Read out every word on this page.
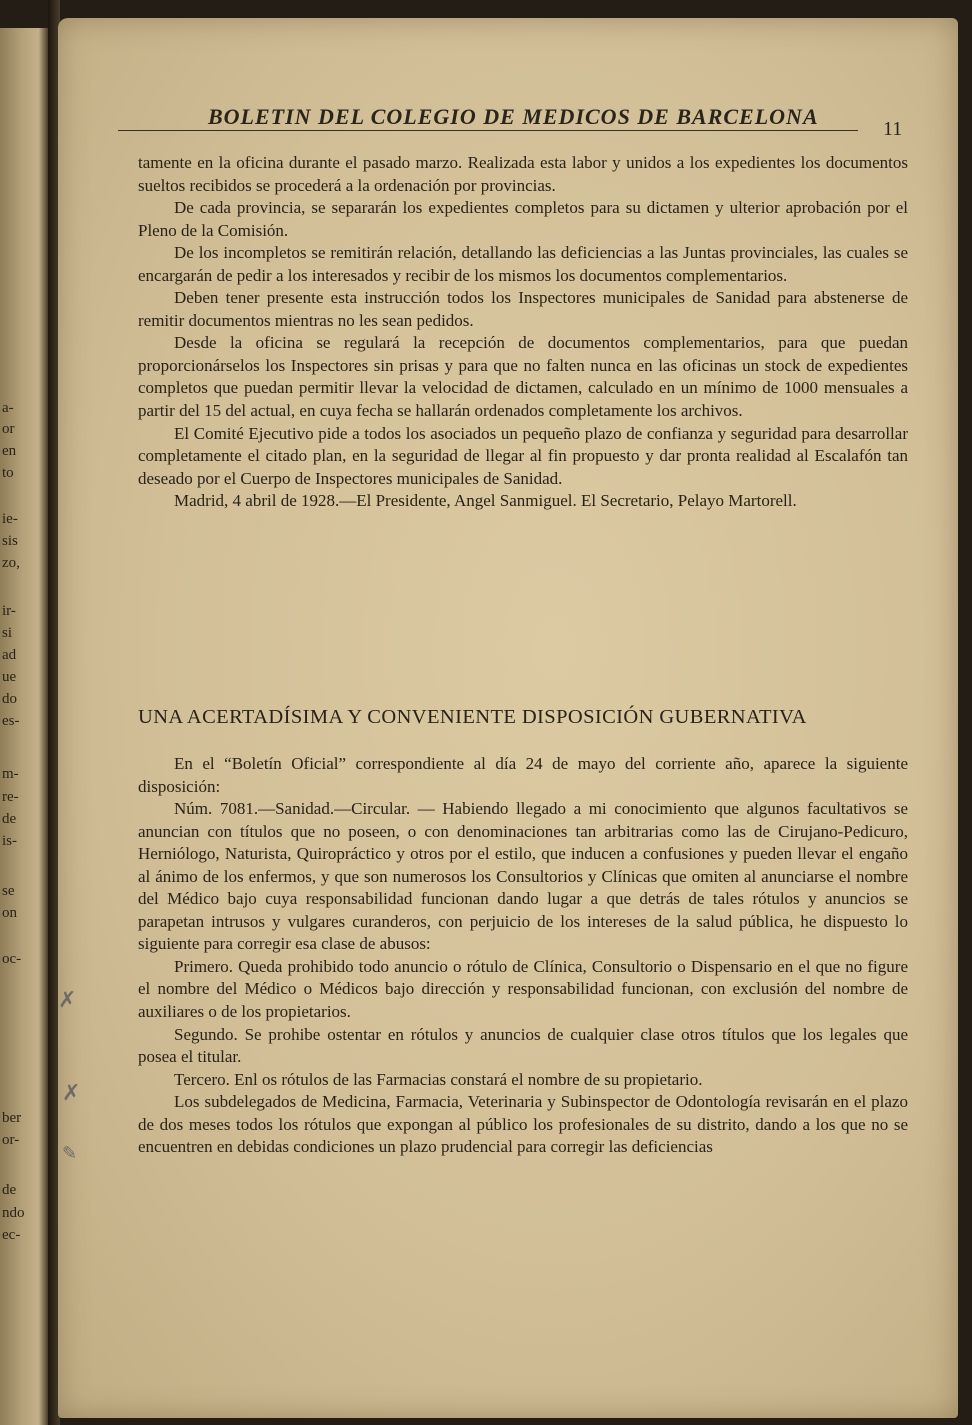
a-
or
en
to
ie-
sis
zo,
ir-
si
ad
ue
do
es-
m-
re-
de
is-
se
on
oc-
ber
or-
de
ndo
ec-
BOLETIN DEL COLEGIO DE MEDICOS DE BARCELONA	11

tamente en la oficina durante el pasado marzo. Realizada esta labor y unidos a los expedientes los documentos sueltos recibidos se procederá a la ordenación por provincias.

De cada provincia, se separarán los expedientes completos para su dictamen y ulterior aprobación por el Pleno de la Comisión.

De los incompletos se remitirán relación, detallando las deficiencias a las Juntas provinciales, las cuales se encargarán de pedir a los interesados y recibir de los mismos los documentos complementarios.

Deben tener presente esta instrucción todos los Inspectores municipales de Sanidad para abstenerse de remitir documentos mientras no les sean pedidos.

Desde la oficina se regulará la recepción de documentos complementarios, para que puedan proporcionárselos los Inspectores sin prisas y para que no falten nunca en las oficinas un stock de expedientes completos que puedan permitir llevar la velocidad de dictamen, calculado en un mínimo de 1000 mensuales a partir del 15 del actual, en cuya fecha se hallarán ordenados completamente los archivos.

El Comité Ejecutivo pide a todos los asociados un pequeño plazo de confianza y seguridad para desarrollar completamente el citado plan, en la seguridad de llegar al fin propuesto y dar pronta realidad al Escalafón tan deseado por el Cuerpo de Inspectores municipales de Sanidad.

Madrid, 4 abril de 1928.—El Presidente, Angel Sanmiguel. El Secretario, Pelayo Martorell.

UNA ACERTADÍSIMA Y CONVENIENTE DISPOSICIÓN GUBERNATIVA

En el “Boletín Oficial” correspondiente al día 24 de mayo del corriente año, aparece la siguiente disposición:

Núm. 7081.—Sanidad.—Circular. — Habiendo llegado a mi conocimiento que algunos facultativos se anuncian con títulos que no poseen, o con denominaciones tan arbitrarias como las de Cirujano-Pedicuro, Herniólogo, Naturista, Quiropráctico y otros por el estilo, que inducen a confusiones y pueden llevar el engaño al ánimo de los enfermos, y que son numerosos los Consultorios y Clínicas que omiten al anunciarse el nombre del Médico bajo cuya responsabilidad funcionan dando lugar a que detrás de tales rótulos y anuncios se parapetan intrusos y vulgares curanderos, con perjuicio de los intereses de la salud pública, he dispuesto lo siguiente para corregir esa clase de abusos:

Primero. Queda prohibido todo anuncio o rótulo de Clínica, Consultorio o Dispensario en el que no figure el nombre del Médico o Médicos bajo dirección y responsabilidad funcionan, con exclusión del nombre de auxiliares o de los propietarios.

Segundo. Se prohibe ostentar en rótulos y anuncios de cualquier clase otros títulos que los legales que posea el titular.

Tercero. Enl os rótulos de las Farmacias constará el nombre de su propietario.

Los subdelegados de Medicina, Farmacia, Veterinaria y Subinspector de Odontología revisarán en el plazo de dos meses todos los rótulos que expongan al público los profesionales de su distrito, dando a los que no se encuentren en debidas condiciones un plazo prudencial para corregir las deficiencias

✗
✗
✎
